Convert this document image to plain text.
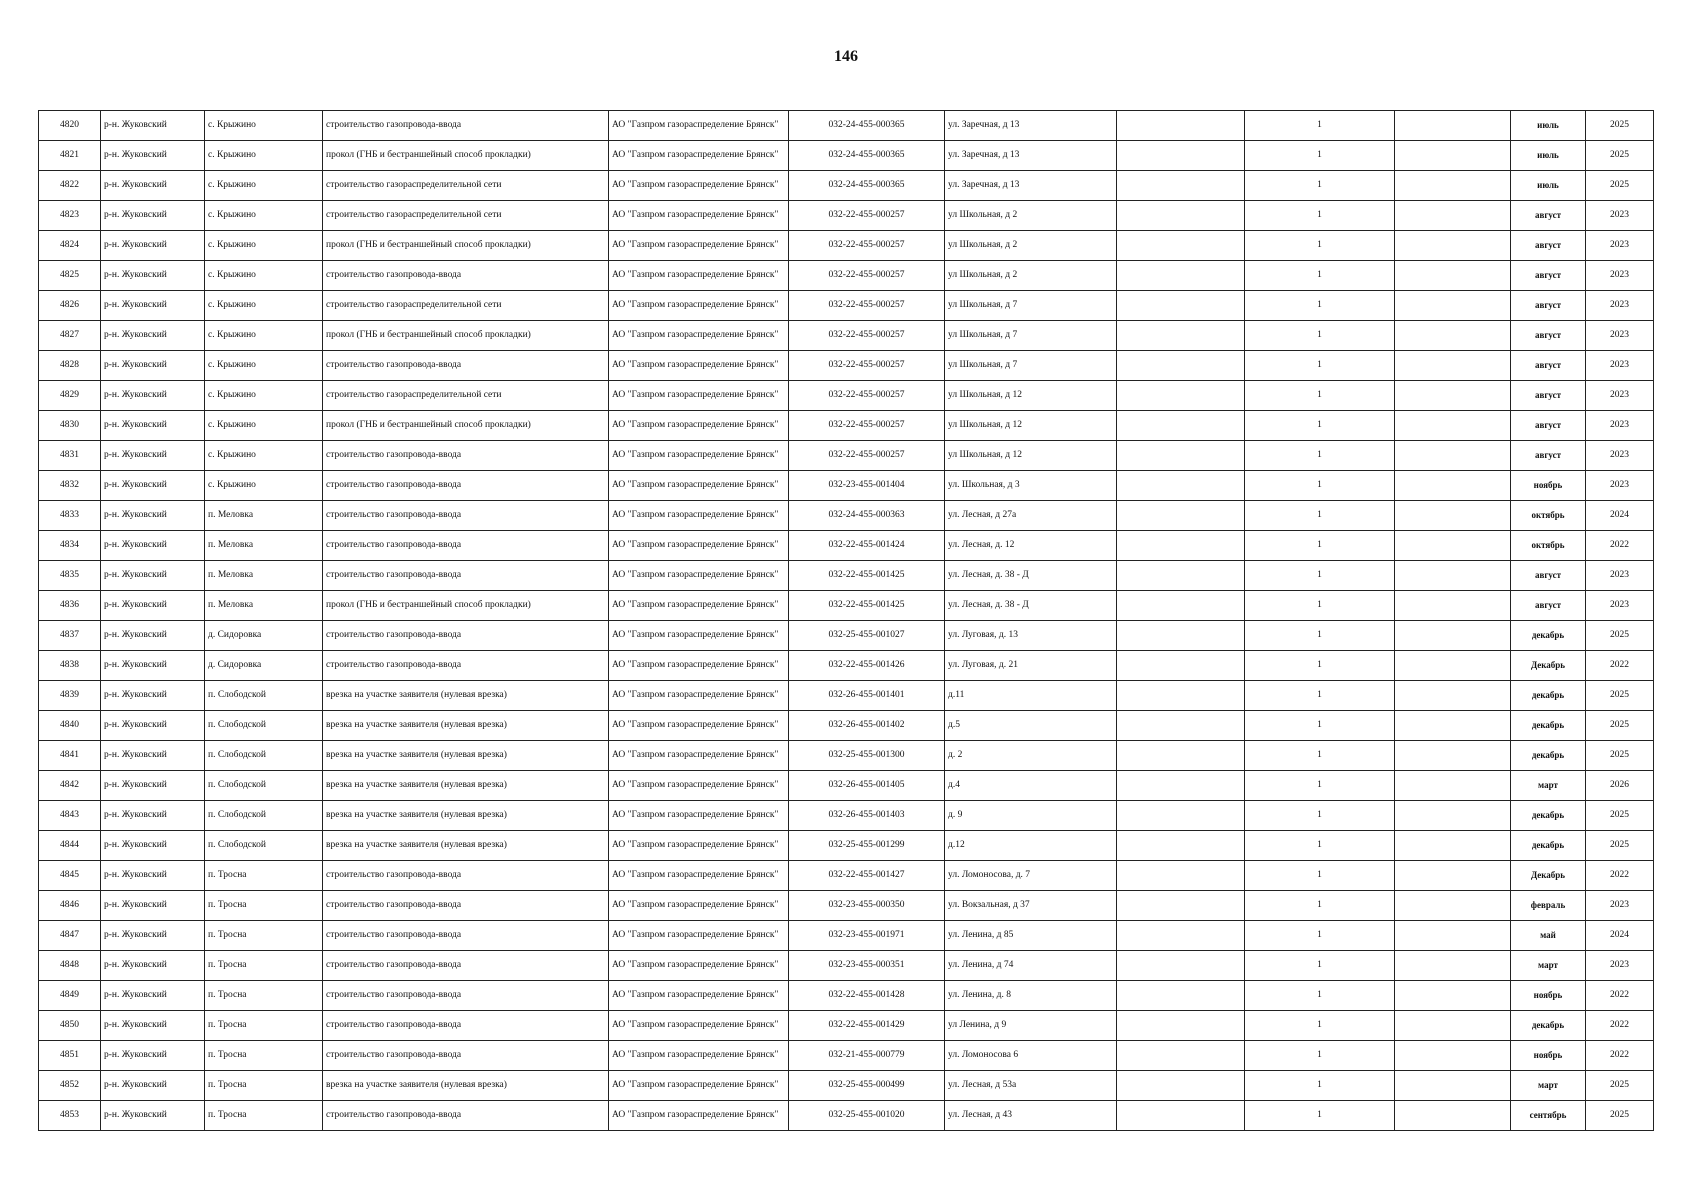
146
4820	р-н. Жуковский	с. Крыжино	строительство газопровода-ввода	АО "Газпром газораспределение Брянск"	032-24-455-000365	ул. Заречная, д 13		1		июль	2025
4821	р-н. Жуковский	с. Крыжино	прокол (ГНБ и бестраншейный способ прокладки)	АО "Газпром газораспределение Брянск"	032-24-455-000365	ул. Заречная, д 13		1		июль	2025
4822	р-н. Жуковский	с. Крыжино	строительство газораспределительной сети	АО "Газпром газораспределение Брянск"	032-24-455-000365	ул. Заречная, д 13		1		июль	2025
4823	р-н. Жуковский	с. Крыжино	строительство газораспределительной сети	АО "Газпром газораспределение Брянск"	032-22-455-000257	ул Школьная, д 2		1		август	2023
4824	р-н. Жуковский	с. Крыжино	прокол (ГНБ и бестраншейный способ прокладки)	АО "Газпром газораспределение Брянск"	032-22-455-000257	ул Школьная, д 2		1		август	2023
4825	р-н. Жуковский	с. Крыжино	строительство газопровода-ввода	АО "Газпром газораспределение Брянск"	032-22-455-000257	ул Школьная, д 2		1		август	2023
4826	р-н. Жуковский	с. Крыжино	строительство газораспределительной сети	АО "Газпром газораспределение Брянск"	032-22-455-000257	ул Школьная, д 7		1		август	2023
4827	р-н. Жуковский	с. Крыжино	прокол (ГНБ и бестраншейный способ прокладки)	АО "Газпром газораспределение Брянск"	032-22-455-000257	ул Школьная, д 7		1		август	2023
4828	р-н. Жуковский	с. Крыжино	строительство газопровода-ввода	АО "Газпром газораспределение Брянск"	032-22-455-000257	ул Школьная, д 7		1		август	2023
4829	р-н. Жуковский	с. Крыжино	строительство газораспределительной сети	АО "Газпром газораспределение Брянск"	032-22-455-000257	ул Школьная, д 12		1		август	2023
4830	р-н. Жуковский	с. Крыжино	прокол (ГНБ и бестраншейный способ прокладки)	АО "Газпром газораспределение Брянск"	032-22-455-000257	ул Школьная, д 12		1		август	2023
4831	р-н. Жуковский	с. Крыжино	строительство газопровода-ввода	АО "Газпром газораспределение Брянск"	032-22-455-000257	ул Школьная, д 12		1		август	2023
4832	р-н. Жуковский	с. Крыжино	строительство газопровода-ввода	АО "Газпром газораспределение Брянск"	032-23-455-001404	ул. Школьная, д 3		1		ноябрь	2023
4833	р-н. Жуковский	п. Меловка	строительство газопровода-ввода	АО "Газпром газораспределение Брянск"	032-24-455-000363	ул. Лесная, д 27а		1		октябрь	2024
4834	р-н. Жуковский	п. Меловка	строительство газопровода-ввода	АО "Газпром газораспределение Брянск"	032-22-455-001424	ул. Лесная, д. 12		1		октябрь	2022
4835	р-н. Жуковский	п. Меловка	строительство газопровода-ввода	АО "Газпром газораспределение Брянск"	032-22-455-001425	ул. Лесная, д. 38 - Д		1		август	2023
4836	р-н. Жуковский	п. Меловка	прокол (ГНБ и бестраншейный способ прокладки)	АО "Газпром газораспределение Брянск"	032-22-455-001425	ул. Лесная, д. 38 - Д		1		август	2023
4837	р-н. Жуковский	д. Сидоровка	строительство газопровода-ввода	АО "Газпром газораспределение Брянск"	032-25-455-001027	ул. Луговая, д. 13		1		декабрь	2025
4838	р-н. Жуковский	д. Сидоровка	строительство газопровода-ввода	АО "Газпром газораспределение Брянск"	032-22-455-001426	ул. Луговая, д. 21		1		Декабрь	2022
4839	р-н. Жуковский	п. Слободской	врезка на участке заявителя (нулевая врезка)	АО "Газпром газораспределение Брянск"	032-26-455-001401	д.11		1		декабрь	2025
4840	р-н. Жуковский	п. Слободской	врезка на участке заявителя (нулевая врезка)	АО "Газпром газораспределение Брянск"	032-26-455-001402	д.5		1		декабрь	2025
4841	р-н. Жуковский	п. Слободской	врезка на участке заявителя (нулевая врезка)	АО "Газпром газораспределение Брянск"	032-25-455-001300	д. 2		1		декабрь	2025
4842	р-н. Жуковский	п. Слободской	врезка на участке заявителя (нулевая врезка)	АО "Газпром газораспределение Брянск"	032-26-455-001405	д.4		1		март	2026
4843	р-н. Жуковский	п. Слободской	врезка на участке заявителя (нулевая врезка)	АО "Газпром газораспределение Брянск"	032-26-455-001403	д. 9		1		декабрь	2025
4844	р-н. Жуковский	п. Слободской	врезка на участке заявителя (нулевая врезка)	АО "Газпром газораспределение Брянск"	032-25-455-001299	д.12		1		декабрь	2025
4845	р-н. Жуковский	п. Тросна	строительство газопровода-ввода	АО "Газпром газораспределение Брянск"	032-22-455-001427	ул. Ломоносова, д. 7		1		Декабрь	2022
4846	р-н. Жуковский	п. Тросна	строительство газопровода-ввода	АО "Газпром газораспределение Брянск"	032-23-455-000350	ул. Вокзальная, д 37		1		февраль	2023
4847	р-н. Жуковский	п. Тросна	строительство газопровода-ввода	АО "Газпром газораспределение Брянск"	032-23-455-001971	ул. Ленина, д 85		1		май	2024
4848	р-н. Жуковский	п. Тросна	строительство газопровода-ввода	АО "Газпром газораспределение Брянск"	032-23-455-000351	ул. Ленина, д 74		1		март	2023
4849	р-н. Жуковский	п. Тросна	строительство газопровода-ввода	АО "Газпром газораспределение Брянск"	032-22-455-001428	ул. Ленина, д. 8		1		ноябрь	2022
4850	р-н. Жуковский	п. Тросна	строительство газопровода-ввода	АО "Газпром газораспределение Брянск"	032-22-455-001429	ул Ленина, д 9		1		декабрь	2022
4851	р-н. Жуковский	п. Тросна	строительство газопровода-ввода	АО "Газпром газораспределение Брянск"	032-21-455-000779	ул. Ломоносова 6		1		ноябрь	2022
4852	р-н. Жуковский	п. Тросна	врезка на участке заявителя (нулевая врезка)	АО "Газпром газораспределение Брянск"	032-25-455-000499	ул. Лесная, д 53а		1		март	2025
4853	р-н. Жуковский	п. Тросна	строительство газопровода-ввода	АО "Газпром газораспределение Брянск"	032-25-455-001020	ул. Лесная, д 43		1		сентябрь	2025
